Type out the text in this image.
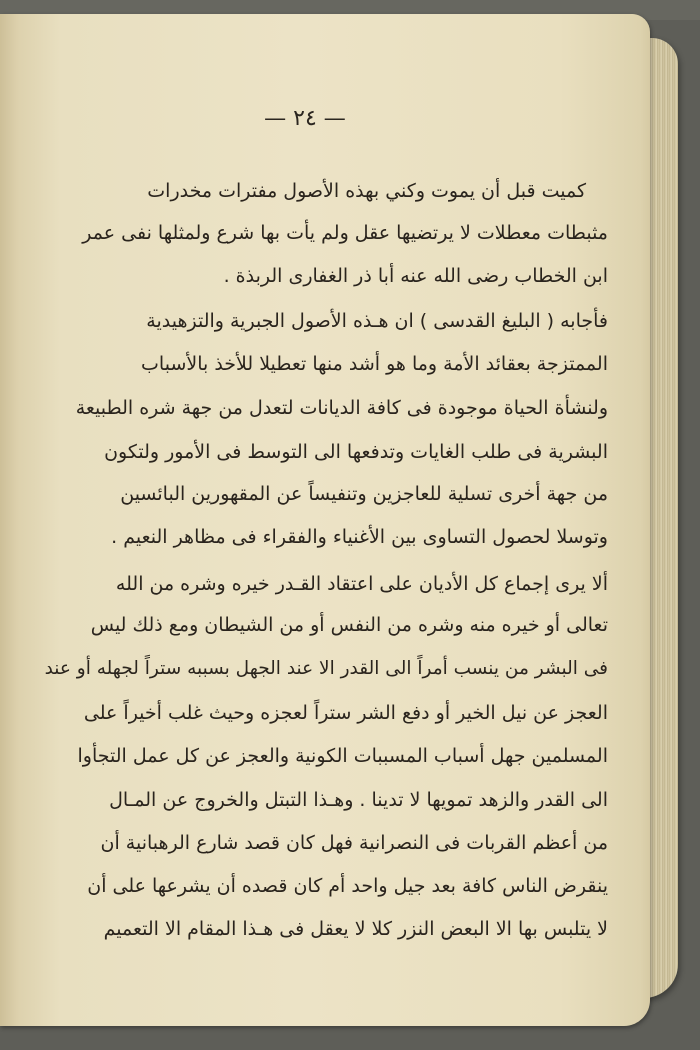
— ٢٤ —
كميت قبل أن يموت وكني بهذه الأصول مفترات مخدرات
مثبطات معطلات لا يرتضيها عقل ولم يأت بها شرع ولمثلها نفى عمر
ابن الخطاب رضى الله عنه أبا ذر الغفارى الربذة .
فأجابه ( البليغ القدسى ) ان هـذه الأصول الجبرية والتزهيدية
الممتزجة بعقائد الأمة وما هو أشد منها تعطيلا للأخذ بالأسباب
ولنشأة الحياة موجودة فى كافة الديانات لتعدل من جهة شره الطبيعة
البشرية فى طلب الغايات وتدفعها الى التوسط فى الأمور ولتكون
من جهة أخرى تسلية للعاجزين وتنفيساً عن المقهورين البائسين
وتوسلا لحصول التساوى بين الأغنياء والفقراء فى مظاهر النعيم .
ألا يرى إجماع كل الأديان على اعتقاد القـدر خيره وشره من الله
تعالى أو خيره منه وشره من النفس أو من الشيطان ومع ذلك ليس
فى البشر من ينسب أمراً الى القدر الا عند الجهل بسببه ستراً لجهله أو عند
العجز عن نيل الخير أو دفع الشر ستراً لعجزه وحيث غلب أخيراً على
المسلمين جهل أسباب المسببات الكونية والعجز عن كل عمل التجأوا
الى القدر والزهد تمويها لا تدينا . وهـذا التبتل والخروج عن المـال
من أعظم القربات فى النصرانية فهل كان قصد شارع الرهبانية أن
ينقرض الناس كافة بعد جيل واحد أم كان قصده أن يشرعها على أن
لا يتلبس بها الا البعض النزر كلا لا يعقل فى هـذا المقام الا التعميم
